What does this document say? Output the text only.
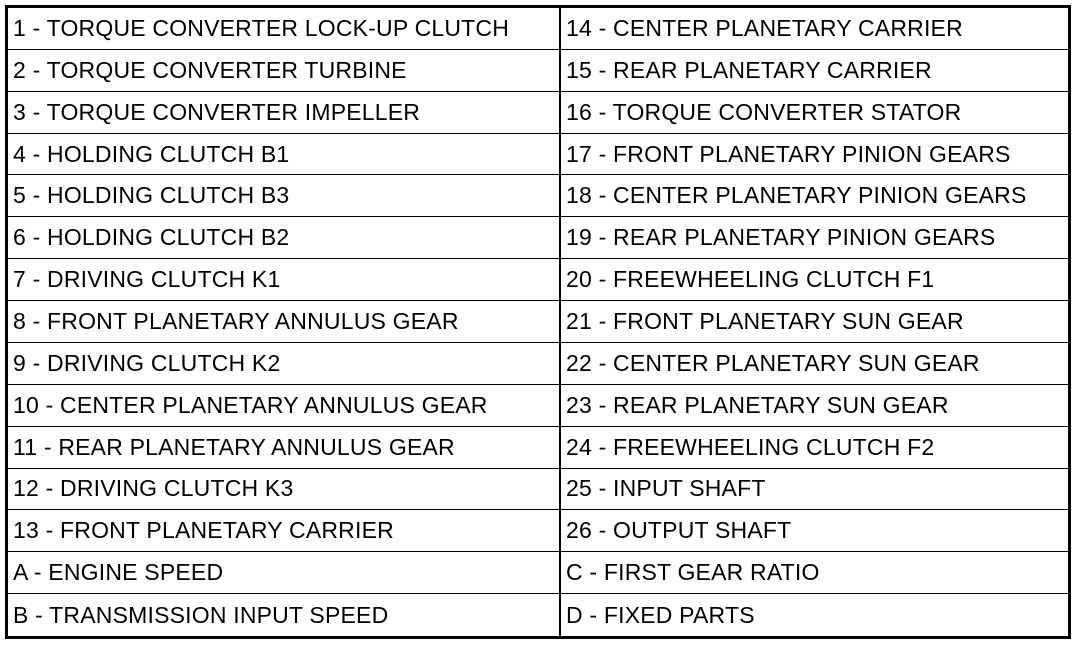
1 - TORQUE CONVERTER LOCK-UP CLUTCH
2 - TORQUE CONVERTER TURBINE
3 - TORQUE CONVERTER IMPELLER
4 - HOLDING CLUTCH B1
5 - HOLDING CLUTCH B3
6 - HOLDING CLUTCH B2
7 - DRIVING CLUTCH K1
8 - FRONT PLANETARY ANNULUS GEAR
9 - DRIVING CLUTCH K2
10 - CENTER PLANETARY ANNULUS GEAR
11 - REAR PLANETARY ANNULUS GEAR
12 - DRIVING CLUTCH K3
13 - FRONT PLANETARY CARRIER
A - ENGINE SPEED
B - TRANSMISSION INPUT SPEED
14 - CENTER PLANETARY CARRIER
15 - REAR PLANETARY CARRIER
16 - TORQUE CONVERTER STATOR
17 - FRONT PLANETARY PINION GEARS
18 - CENTER PLANETARY PINION GEARS
19 - REAR PLANETARY PINION GEARS
20 - FREEWHEELING CLUTCH F1
21 - FRONT PLANETARY SUN GEAR
22 - CENTER PLANETARY SUN GEAR
23 - REAR PLANETARY SUN GEAR
24 - FREEWHEELING CLUTCH F2
25 - INPUT SHAFT
26 - OUTPUT SHAFT
C - FIRST GEAR RATIO
D - FIXED PARTS
